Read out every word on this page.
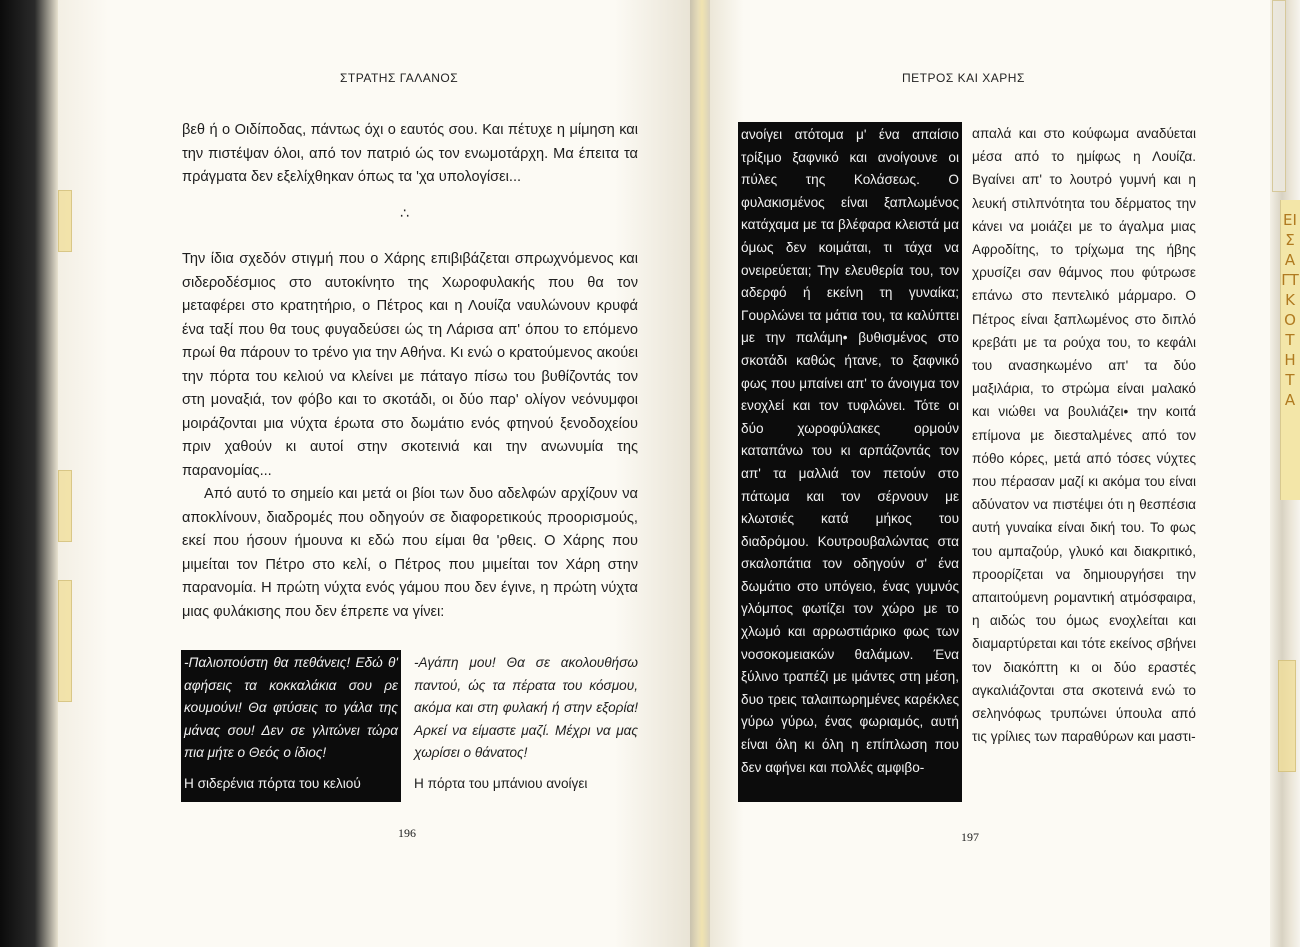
ΣΤΡΑΤΗΣ ΓΑΛΑΝΟΣ

βεθ ή ο Οιδίποδας, πάντως όχι ο εαυτός σου. Και πέτυχε η μίμηση και την πιστέψαν όλοι, από τον πατριό ώς τον ενωμοτάρχη. Μα έπειτα τα πράγματα δεν εξελίχθηκαν όπως τα 'χα υπολογίσει...

∴

Την ίδια σχεδόν στιγμή που ο Χάρης επιβιβάζεται σπρωχνόμενος και σιδεροδέσμιος στο αυτοκίνητο της Χωροφυλακής που θα τον μεταφέρει στο κρατητήριο, ο Πέτρος και η Λουίζα ναυλώνουν κρυφά ένα ταξί που θα τους φυγαδεύσει ώς τη Λάρισα απ' όπου το επόμενο πρωί θα πάρουν το τρένο για την Αθήνα. Κι ενώ ο κρατούμενος ακούει την πόρτα του κελιού να κλείνει με πάταγο πίσω του βυθίζοντάς τον στη μοναξιά, τον φόβο και το σκοτάδι, οι δύο παρ' ολίγον νεόνυμφοι μοιράζονται μια νύχτα έρωτα στο δωμάτιο ενός φτηνού ξενοδοχείου πριν χαθούν κι αυτοί στην σκοτεινιά και την ανωνυμία της παρανομίας...

Από αυτό το σημείο και μετά οι βίοι των δυο αδελφών αρχίζουν να αποκλίνουν, διαδρομές που οδηγούν σε διαφορετικούς προορισμούς, εκεί που ήσουν ήμουνα κι εδώ που είμαι θα 'ρθεις. Ο Χάρης που μιμείται τον Πέτρο στο κελί, ο Πέτρος που μιμείται τον Χάρη στην παρανομία. Η πρώτη νύχτα ενός γάμου που δεν έγινε, η πρώτη νύχτα μιας φυλάκισης που δεν έπρεπε να γίνει:

-Παλιοπούστη θα πεθάνεις! Εδώ θ' αφήσεις τα κοκκαλάκια σου ρε κουμούνι! Θα φτύσεις το γάλα της μάνας σου! Δεν σε γλιτώνει τώρα πια μήτε ο Θεός ο ίδιος!

Η σιδερένια πόρτα του κελιού

-Αγάπη μου! Θα σε ακολουθήσω παντού, ώς τα πέρατα του κόσμου, ακόμα και στη φυλακή ή στην εξορία! Αρκεί να είμαστε μαζί. Μέχρι να μας χωρίσει ο θάνατος!

Η πόρτα του μπάνιου ανοίγει

196
ΠΕΤΡΟΣ ΚΑΙ ΧΑΡΗΣ

ανοίγει ατότομα μ' ένα απαίσιο τρίξιμο ξαφνικό και ανοίγουνε οι πύλες της Κολάσεως. Ο φυλακισμένος είναι ξαπλωμένος κατάχαμα με τα βλέφαρα κλειστά μα όμως δεν κοιμάται, τι τάχα να ονειρεύεται; Την ελευθερία του, τον αδερφό ή εκείνη τη γυναίκα; Γουρλώνει τα μάτια του, τα καλύπτει με την παλάμη• βυθισμένος στο σκοτάδι καθώς ήτανε, το ξαφνικό φως που μπαίνει απ' το άνοιγμα τον ενοχλεί και τον τυφλώνει. Τότε οι δύο χωροφύλακες ορμούν καταπάνω του κι αρπάζοντάς τον απ' τα μαλλιά τον πετούν στο πάτωμα και τον σέρνουν με κλωτσιές κατά μήκος του διαδρόμου. Κουτρουβαλώντας στα σκαλοπάτια τον οδηγούν σ' ένα δωμάτιο στο υπόγειο, ένας γυμνός γλόμπος φωτίζει τον χώρο με το χλωμό και αρρωστιάρικο φως των νοσοκομειακών θαλάμων. Ένα ξύλινο τραπέζι με ιμάντες στη μέση, δυο τρεις ταλαιπωρημένες καρέκλες γύρω γύρω, ένας φωριαμός, αυτή είναι όλη κι όλη η επίπλωση που δεν αφήνει και πολλές αμφιβο-

απαλά και στο κούφωμα αναδύεται μέσα από το ημίφως η Λουίζα. Βγαίνει απ' το λουτρό γυμνή και η λευκή στιλπνότητα του δέρματος την κάνει να μοιάζει με το άγαλμα μιας Αφροδίτης, το τρίχωμα της ήβης χρυσίζει σαν θάμνος που φύτρωσε επάνω στο πεντελικό μάρμαρο. Ο Πέτρος είναι ξαπλωμένος στο διπλό κρεβάτι με τα ρούχα του, το κεφάλι του ανασηκωμένο απ' τα δύο μαξιλάρια, το στρώμα είναι μαλακό και νιώθει να βουλιάζει• την κοιτά επίμονα με διεσταλμένες από τον πόθο κόρες, μετά από τόσες νύχτες που πέρασαν μαζί κι ακόμα του είναι αδύνατον να πιστέψει ότι η θεσπέσια αυτή γυναίκα είναι δική του. Το φως του αμπαζούρ, γλυκό και διακριτικό, προορίζεται να δημιουργήσει την απαιτούμενη ρομαντική ατμόσφαιρα, η αιδώς του όμως ενοχλείται και διαμαρτύρεται και τότε εκείνος σβήνει τον διακόπτη κι οι δύο εραστές αγκαλιάζονται στα σκοτεινά ενώ το σεληνόφως τρυπώνει ύπουλα από τις γρίλιες των παραθύρων και μαστι-

197
ΕΙΣΑΓΤΚΟΤΗΤΑ
